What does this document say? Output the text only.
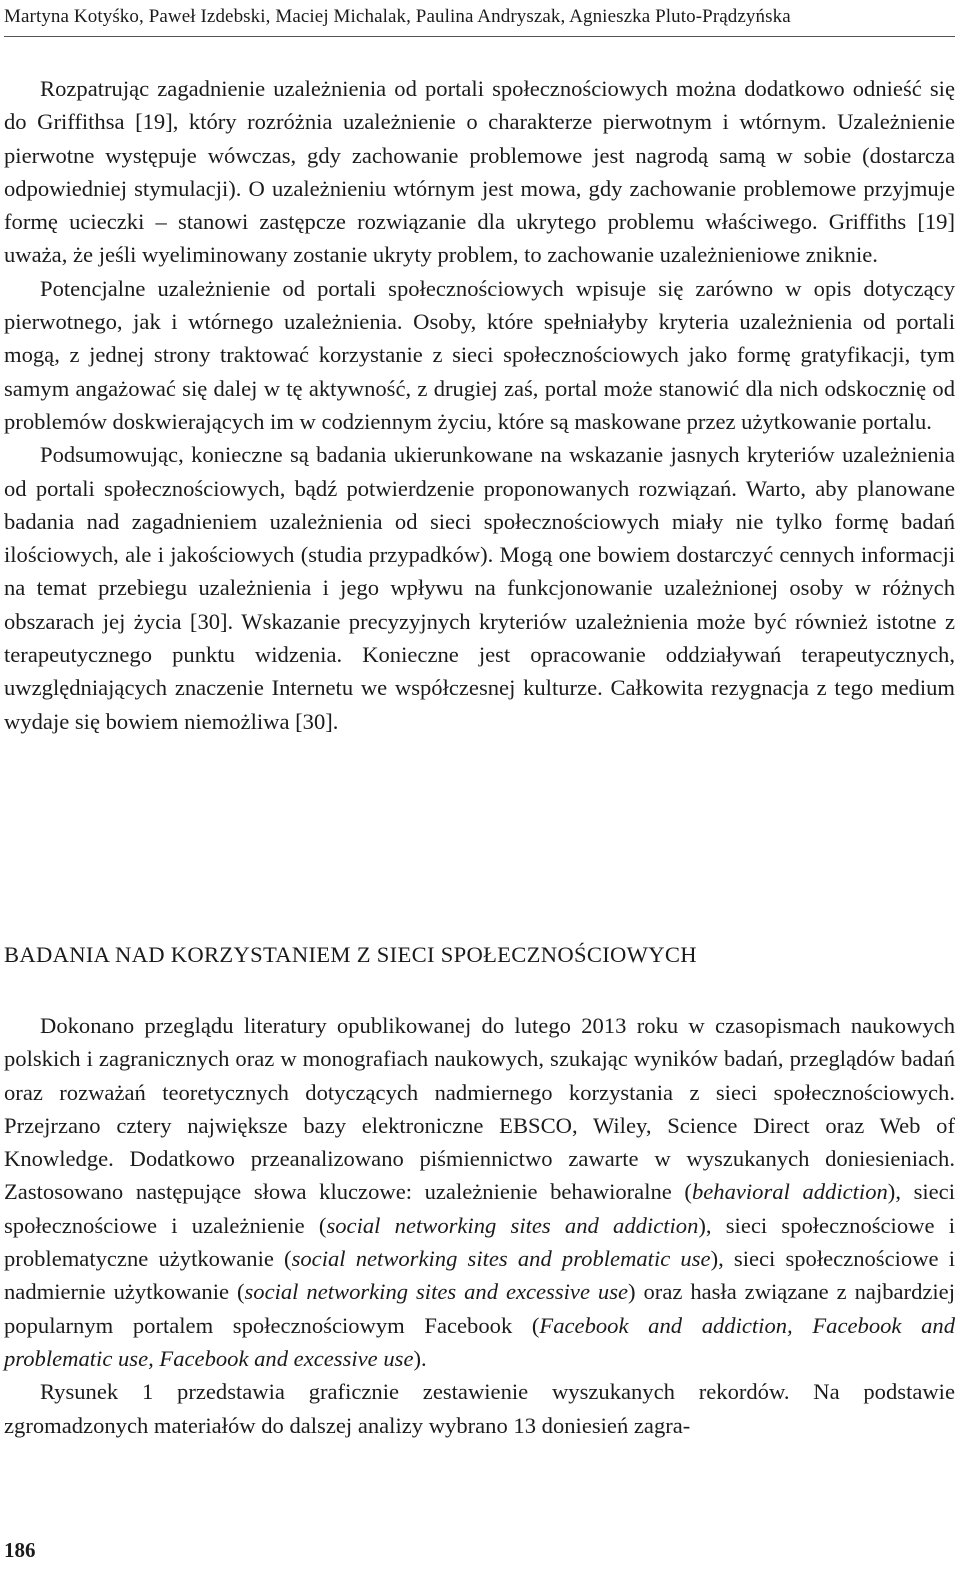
Martyna Kotyśko, Paweł Izdebski, Maciej Michalak, Paulina Andryszak, Agnieszka Pluto-Prądzyńska

Rozpatrując zagadnienie uzależnienia od portali społecznościowych można dodatkowo odnieść się do Griffithsa [19], który rozróżnia uzależnienie o charakterze pierwotnym i wtórnym. Uzależnienie pierwotne występuje wówczas, gdy zachowanie problemowe jest nagrodą samą w sobie (dostarcza odpowiedniej stymulacji). O uzależnieniu wtórnym jest mowa, gdy zachowanie problemowe przyjmuje formę ucieczki – stanowi zastępcze rozwiązanie dla ukrytego problemu właściwego. Griffiths [19] uważa, że jeśli wyeliminowany zostanie ukryty problem, to zachowanie uzależnieniowe zniknie.

Potencjalne uzależnienie od portali społecznościowych wpisuje się zarówno w opis dotyczący pierwotnego, jak i wtórnego uzależnienia. Osoby, które spełniałyby kryteria uzależnienia od portali mogą, z jednej strony traktować korzystanie z sieci społecznościowych jako formę gratyfikacji, tym samym angażować się dalej w tę aktywność, z drugiej zaś, portal może stanowić dla nich odskocznię od problemów doskwierających im w codziennym życiu, które są maskowane przez użytkowanie portalu.

Podsumowując, konieczne są badania ukierunkowane na wskazanie jasnych kryteriów uzależnienia od portali społecznościowych, bądź potwierdzenie proponowanych rozwiązań. Warto, aby planowane badania nad zagadnieniem uzależnienia od sieci społecznościowych miały nie tylko formę badań ilościowych, ale i jakościowych (studia przypadków). Mogą one bowiem dostarczyć cennych informacji na temat przebiegu uzależnienia i jego wpływu na funkcjonowanie uzależnionej osoby w różnych obszarach jej życia [30]. Wskazanie precyzyjnych kryteriów uzależnienia może być również istotne z terapeutycznego punktu widzenia. Konieczne jest opracowanie oddziaływań terapeutycznych, uwzględniających znaczenie Internetu we współczesnej kulturze. Całkowita rezygnacja z tego medium wydaje się bowiem niemożliwa [30].

BADANIA NAD KORZYSTANIEM Z SIECI SPOŁECZNOŚCIOWYCH

Dokonano przeglądu literatury opublikowanej do lutego 2013 roku w czasopismach naukowych polskich i zagranicznych oraz w monografiach naukowych, szukając wyników badań, przeglądów badań oraz rozważań teoretycznych dotyczących nadmiernego korzystania z sieci społecznościowych. Przejrzano cztery największe bazy elektroniczne EBSCO, Wiley, Science Direct oraz Web of Knowledge. Dodatkowo przeanalizowano piśmiennictwo zawarte w wyszukanych doniesieniach. Zastosowano następujące słowa kluczowe: uzależnienie behawioralne (behavioral addiction), sieci społecznościowe i uzależnienie (social networking sites and addiction), sieci społecznościowe i problematyczne użytkowanie (social networking sites and problematic use), sieci społecznościowe i nadmiernie użytkowanie (social networking sites and excessive use) oraz hasła związane z najbardziej popularnym portalem społecznościowym Facebook (Facebook and addiction, Facebook and problematic use, Facebook and excessive use).

Rysunek 1 przedstawia graficznie zestawienie wyszukanych rekordów. Na podstawie zgromadzonych materiałów do dalszej analizy wybrano 13 doniesień zagra-

186
